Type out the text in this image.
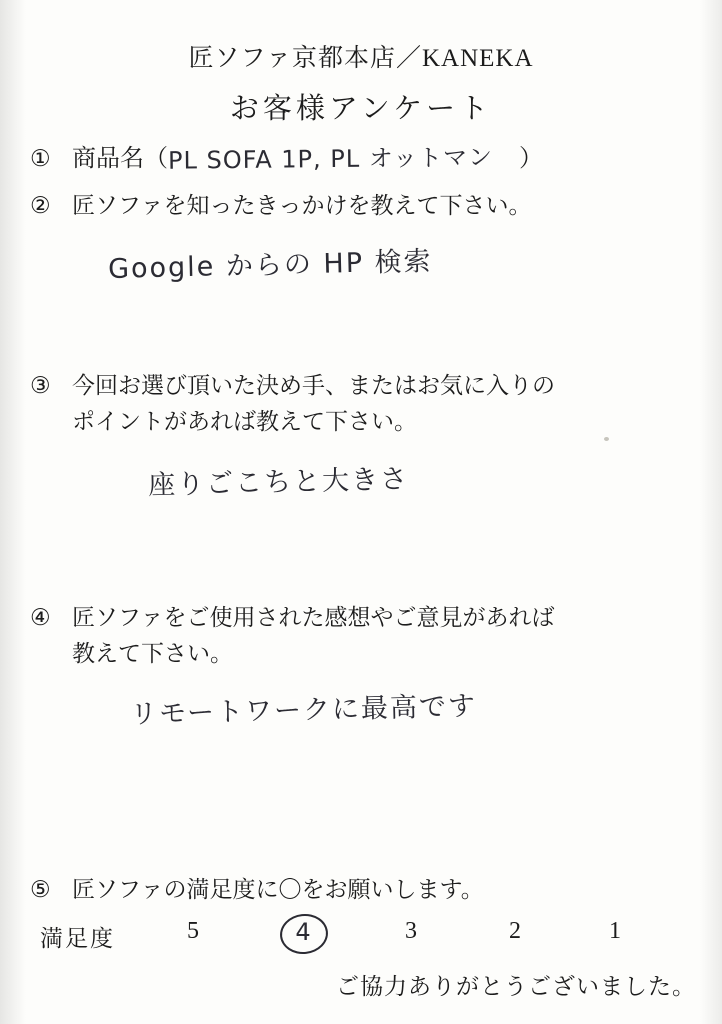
匠ソファ京都本店／KANEKA
お客様アンケート
① 商品名（PL SOFA 1P, PL オットマン ）
② 匠ソファを知ったきっかけを教えて下さい。
Google からの HP 検索
③ 今回お選び頂いた決め手、またはお気に入りの
ポイントがあれば教えて下さい。
座りごこちと大きさ
④ 匠ソファをご使用された感想やご意見があれば
教えて下さい。
リモートワークに最高です
⑤ 匠ソファの満足度に〇をお願いします。
満足度	5	4	3	2	1
ご協力ありがとうございました。
